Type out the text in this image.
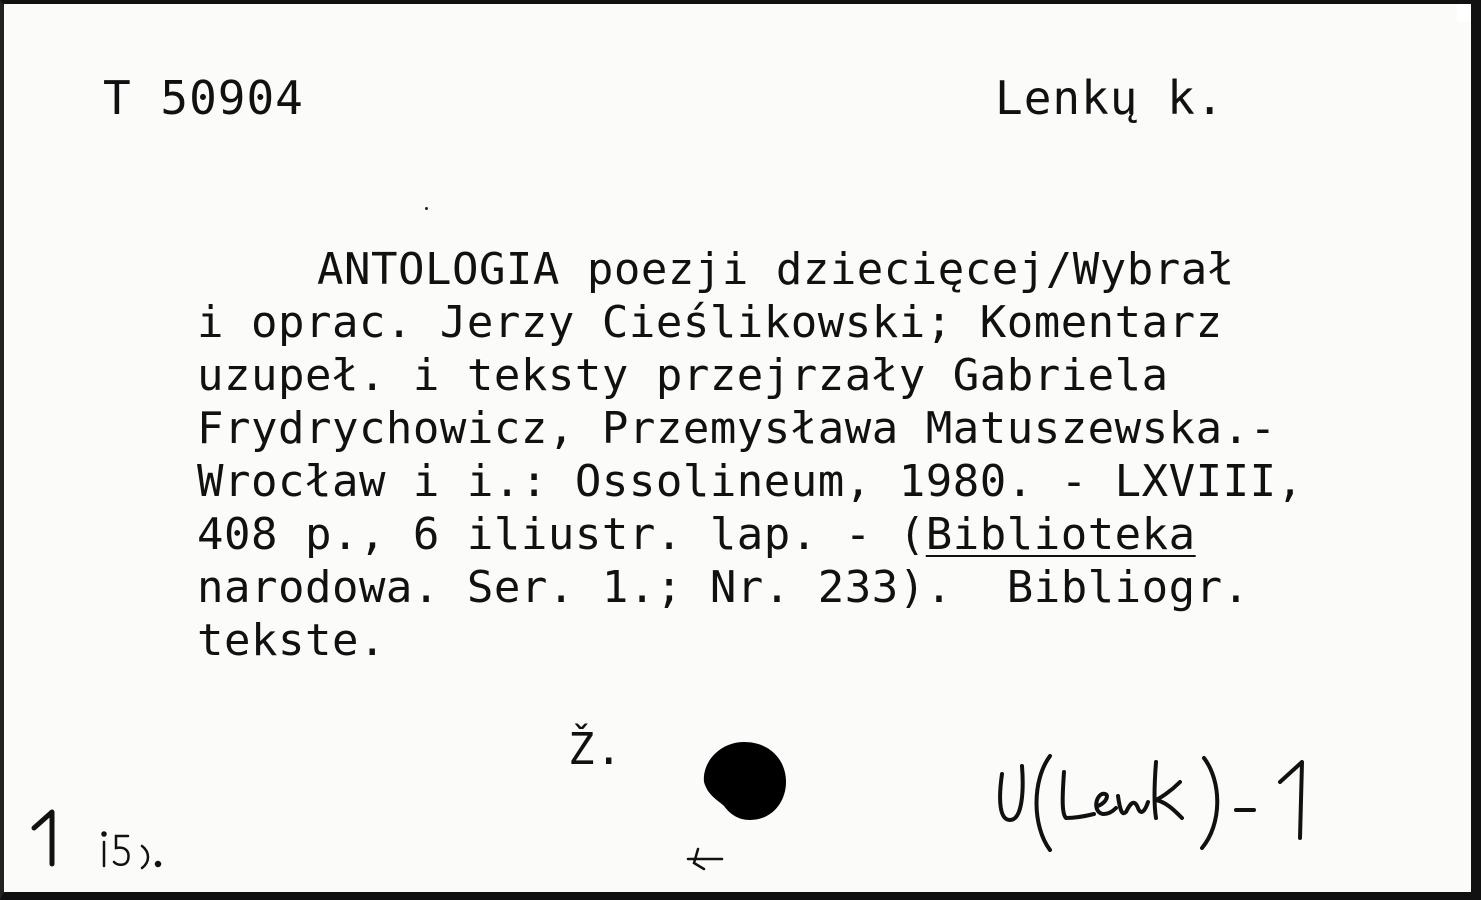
T 50904	Lenkų k.
ANTOLOGIA poezji dziecięcej/Wybrał
i oprac. Jerzy Cieślikowski; Komentarz
uzupeł. i teksty przejrzały Gabriela
Frydrychowicz, Przemysława Matuszewska.-
Wrocław i i.: Ossolineum, 1980. - LXVIII,
408 p., 6 iliustr. lap. - (Biblioteka
narodowa. Ser. 1.; Nr. 233).  Bibliogr.
tekste.
Ž.
